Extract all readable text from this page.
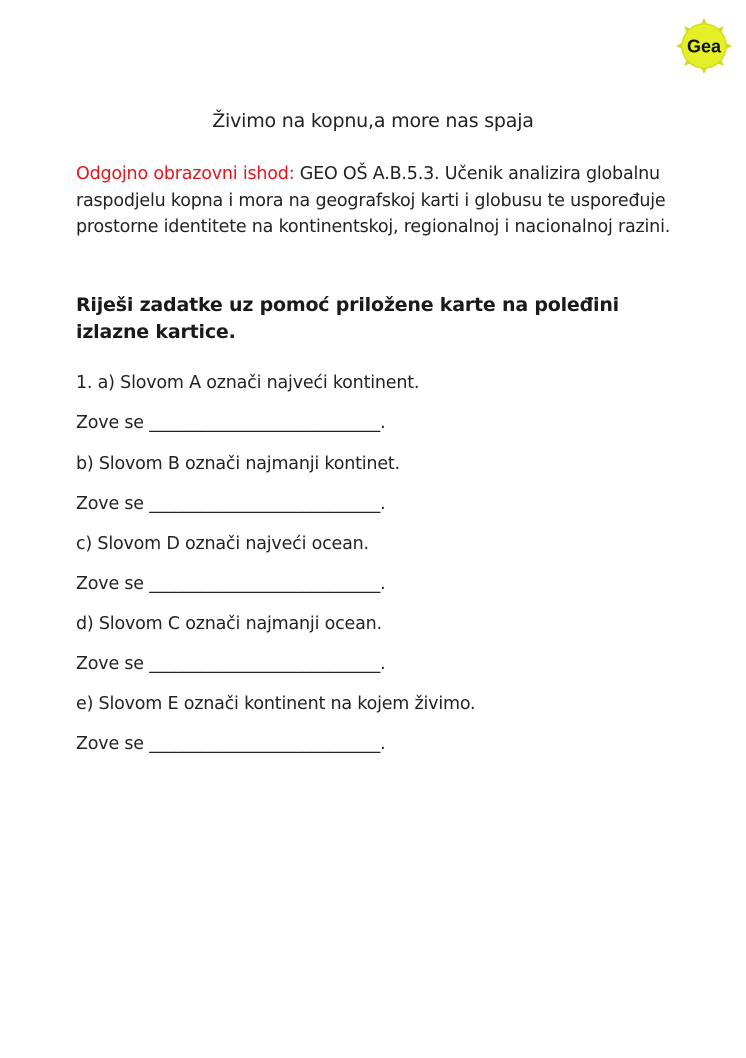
Gea
Živimo na kopnu,a more nas spaja
Odgojno obrazovni ishod: GEO OŠ A.B.5.3. Učenik analizira globalnu raspodjelu kopna i mora na geografskoj karti i globusu te uspoređuje prostorne identitete na kontinentskoj, regionalnoj i nacionalnoj razini.
Riješi zadatke uz pomoć priložene karte na poleđini izlazne kartice.
1. a) Slovom A označi najveći kontinent.
Zove se ___________________________.
b) Slovom B označi najmanji kontinet.
Zove se ___________________________.
c) Slovom D označi najveći ocean.
Zove se ___________________________.
d) Slovom C označi najmanji ocean.
Zove se ___________________________.
e) Slovom E označi kontinent na kojem živimo.
Zove se ___________________________.
